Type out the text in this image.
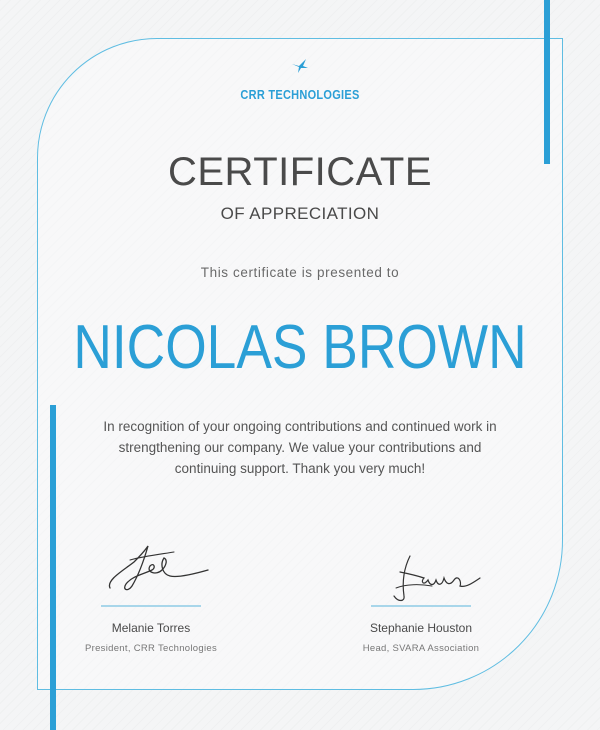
CRR TECHNOLOGIES
CERTIFICATE
OF APPRECIATION
This certificate is presented to
NICOLAS BROWN
In recognition of your ongoing contributions and continued work in strengthening our company. We value your contributions and continuing support. Thank you very much!
Melanie Torres
President, CRR Technologies
Stephanie Houston
Head, SVARA Association
